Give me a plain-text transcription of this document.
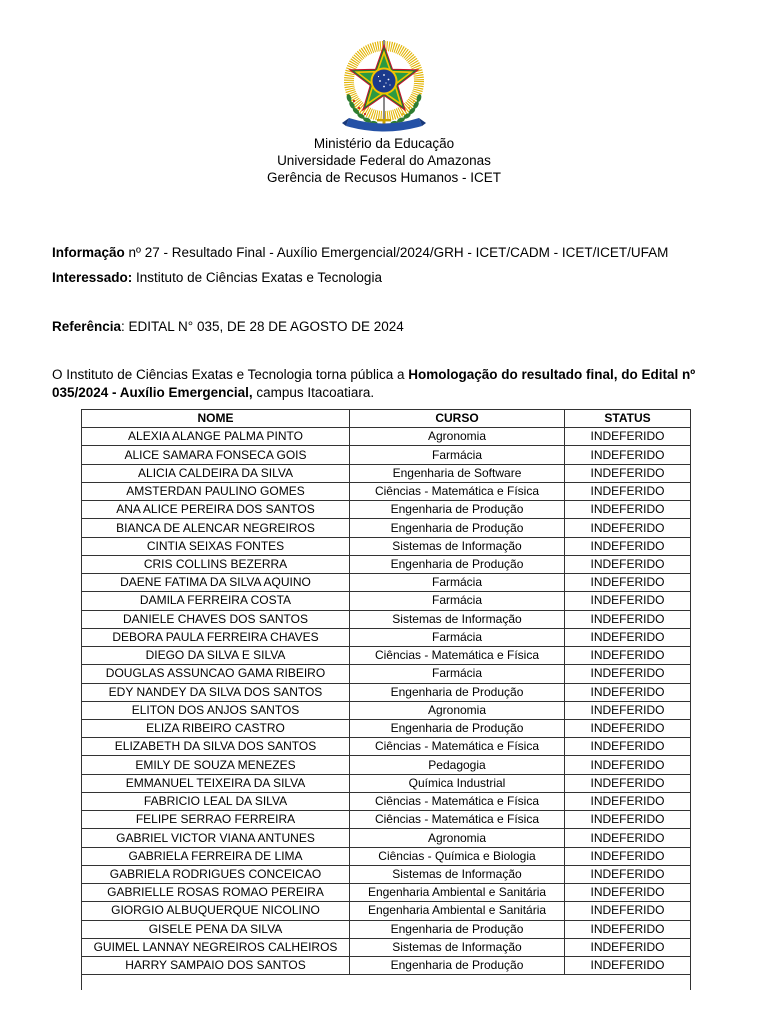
Ministério da Educação
Universidade Federal do Amazonas
Gerência de Recusos Humanos - ICET
Informação nº 27 - Resultado Final - Auxílio Emergencial/2024/GRH - ICET/CADM - ICET/ICET/UFAM
Interessado: Instituto de Ciências Exatas e Tecnologia
Referência: EDITAL N° 035, DE 28 DE AGOSTO DE 2024
O Instituto de Ciências Exatas e Tecnologia torna pública a Homologação do resultado final, do Edital nº
035/2024 - Auxílio Emergencial, campus Itacoatiara.
NOME	CURSO	STATUS
ALEXIA ALANGE PALMA PINTO	Agronomia	INDEFERIDO
ALICE SAMARA FONSECA GOIS	Farmácia	INDEFERIDO
ALICIA CALDEIRA DA SILVA	Engenharia de Software	INDEFERIDO
AMSTERDAN PAULINO GOMES	Ciências - Matemática e Física	INDEFERIDO
ANA ALICE PEREIRA DOS SANTOS	Engenharia de Produção	INDEFERIDO
BIANCA DE ALENCAR NEGREIROS	Engenharia de Produção	INDEFERIDO
CINTIA SEIXAS FONTES	Sistemas de Informação	INDEFERIDO
CRIS COLLINS BEZERRA	Engenharia de Produção	INDEFERIDO
DAENE FATIMA DA SILVA AQUINO	Farmácia	INDEFERIDO
DAMILA FERREIRA COSTA	Farmácia	INDEFERIDO
DANIELE CHAVES DOS SANTOS	Sistemas de Informação	INDEFERIDO
DEBORA PAULA FERREIRA CHAVES	Farmácia	INDEFERIDO
DIEGO DA SILVA E SILVA	Ciências - Matemática e Física	INDEFERIDO
DOUGLAS ASSUNCAO GAMA RIBEIRO	Farmácia	INDEFERIDO
EDY NANDEY DA SILVA DOS SANTOS	Engenharia de Produção	INDEFERIDO
ELITON DOS ANJOS SANTOS	Agronomia	INDEFERIDO
ELIZA RIBEIRO CASTRO	Engenharia de Produção	INDEFERIDO
ELIZABETH DA SILVA DOS SANTOS	Ciências - Matemática e Física	INDEFERIDO
EMILY DE SOUZA MENEZES	Pedagogia	INDEFERIDO
EMMANUEL TEIXEIRA DA SILVA	Química Industrial	INDEFERIDO
FABRICIO LEAL DA SILVA	Ciências - Matemática e Física	INDEFERIDO
FELIPE SERRAO FERREIRA	Ciências - Matemática e Física	INDEFERIDO
GABRIEL VICTOR VIANA ANTUNES	Agronomia	INDEFERIDO
GABRIELA FERREIRA DE LIMA	Ciências - Química e Biologia	INDEFERIDO
GABRIELA RODRIGUES CONCEICAO	Sistemas de Informação	INDEFERIDO
GABRIELLE ROSAS ROMAO PEREIRA	Engenharia Ambiental e Sanitária	INDEFERIDO
GIORGIO ALBUQUERQUE NICOLINO	Engenharia Ambiental e Sanitária	INDEFERIDO
GISELE PENA DA SILVA	Engenharia de Produção	INDEFERIDO
GUIMEL LANNAY NEGREIROS CALHEIROS	Sistemas de Informação	INDEFERIDO
HARRY SAMPAIO DOS SANTOS	Engenharia de Produção	INDEFERIDO
